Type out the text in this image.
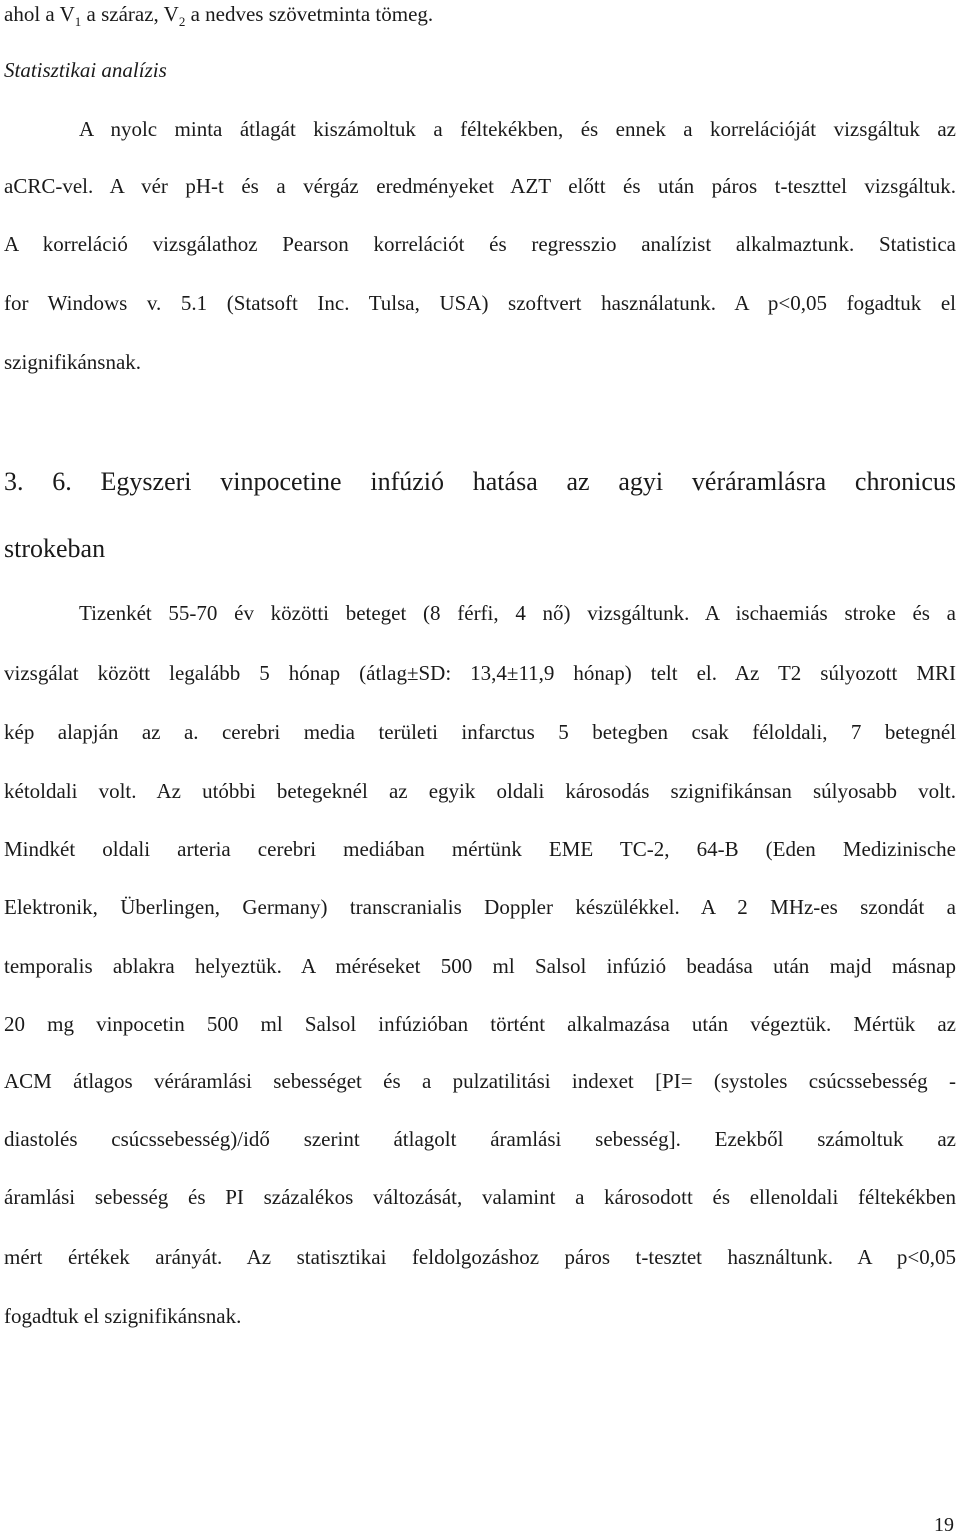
ahol a $V_1$ a száraz, $V_2$ a nedves szövetminta tömeg.
Statisztikai analízis
A nyolc minta átlagát kiszámoltuk a féltekékben, és ennek a korrelációját vizsgáltuk az
aCRC-vel. A vér pH-t és a vérgáz eredményeket AZT előtt és után páros t-teszttel vizsgáltuk.
A korreláció vizsgálathoz Pearson korrelációt és regresszio analízist alkalmaztunk. Statistica
for Windows v. 5.1 (Statsoft Inc. Tulsa, USA) szoftvert használatunk. A p<0,05 fogadtuk el
szignifikánsnak.
3. 6. Egyszeri vinpocetine infúzió hatása az agyi véráramlásra chronicus
strokeban
Tizenkét 55-70 év közötti beteget (8 férfi, 4 nő) vizsgáltunk. A ischaemiás stroke és a
vizsgálat között legalább 5 hónap (átlag±SD: 13,4±11,9 hónap) telt el. Az T2 súlyozott MRI
kép alapján az a. cerebri media területi infarctus 5 betegben csak féloldali, 7 betegnél
kétoldali volt. Az utóbbi betegeknél az egyik oldali károsodás szignifikánsan súlyosabb volt.
Mindkét oldali arteria cerebri mediában mértünk EME TC-2, 64-B (Eden Medizinische
Elektronik, Überlingen, Germany) transcranialis Doppler készülékkel. A 2 MHz-es szondát a
temporalis ablakra helyeztük. A méréseket 500 ml Salsol infúzió beadása után majd másnap
20 mg vinpocetin 500 ml Salsol infúzióban történt alkalmazása után végeztük. Mértük az
ACM átlagos véráramlási sebességet és a pulzatilitási indexet [PI= (systoles csúcssebesség -
diastolés csúcssebesség)/idő szerint átlagolt áramlási sebesség]. Ezekből számoltuk az
áramlási sebesség és PI százalékos változását, valamint a károsodott és ellenoldali féltekékben
mért értékek arányát. Az statisztikai feldolgozáshoz páros t-tesztet használtunk. A p<0,05
fogadtuk el szignifikánsnak.
19
